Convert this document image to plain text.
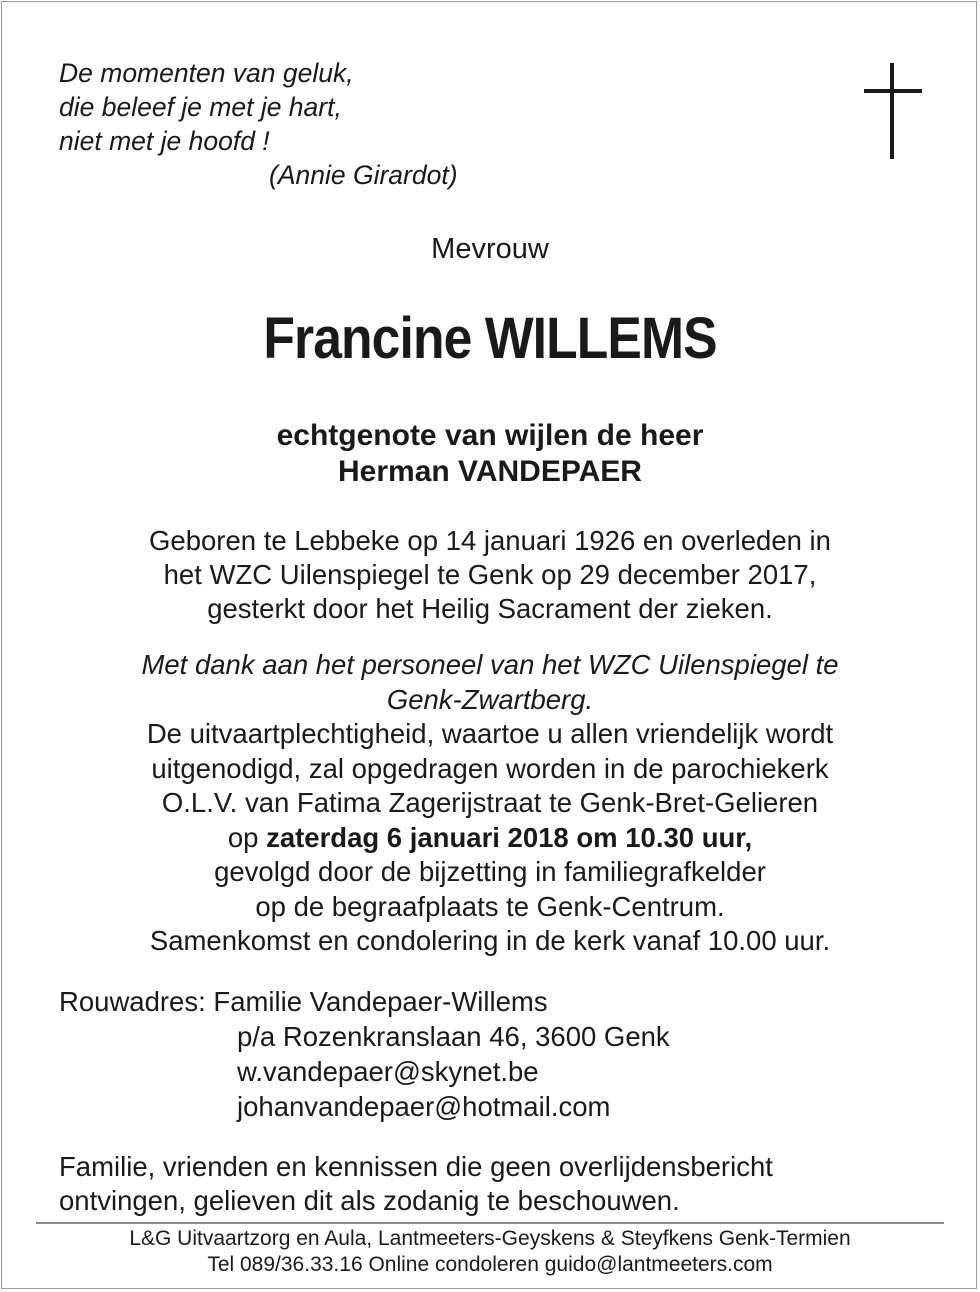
De momenten van geluk,
die beleef je met je hart,
niet met je hoofd !
(Annie Girardot)
Mevrouw
Francine WILLEMS
echtgenote van wijlen de heer
Herman VANDEPAER
Geboren te Lebbeke op 14 januari 1926 en overleden in
het WZC Uilenspiegel te Genk op 29 december 2017,
gesterkt door het Heilig Sacrament der zieken.
Met dank aan het personeel van het WZC Uilenspiegel te
Genk-Zwartberg.
De uitvaartplechtigheid, waartoe u allen vriendelijk wordt
uitgenodigd, zal opgedragen worden in de parochiekerk
O.L.V. van Fatima Zagerijstraat te Genk-Bret-Gelieren
op zaterdag 6 januari 2018 om 10.30 uur,
gevolgd door de bijzetting in familiegrafkelder
op de begraafplaats te Genk-Centrum.
Samenkomst en condolering in de kerk vanaf 10.00 uur.
Rouwadres: Familie Vandepaer-Willems
p/a Rozenkranslaan 46, 3600 Genk
w.vandepaer@skynet.be
johanvandepaer@hotmail.com
Familie, vrienden en kennissen die geen overlijdensbericht
ontvingen, gelieven dit als zodanig te beschouwen.
L&G Uitvaartzorg en Aula, Lantmeeters-Geyskens & Steyfkens Genk-Termien
Tel 089/36.33.16 Online condoleren guido@lantmeeters.com
